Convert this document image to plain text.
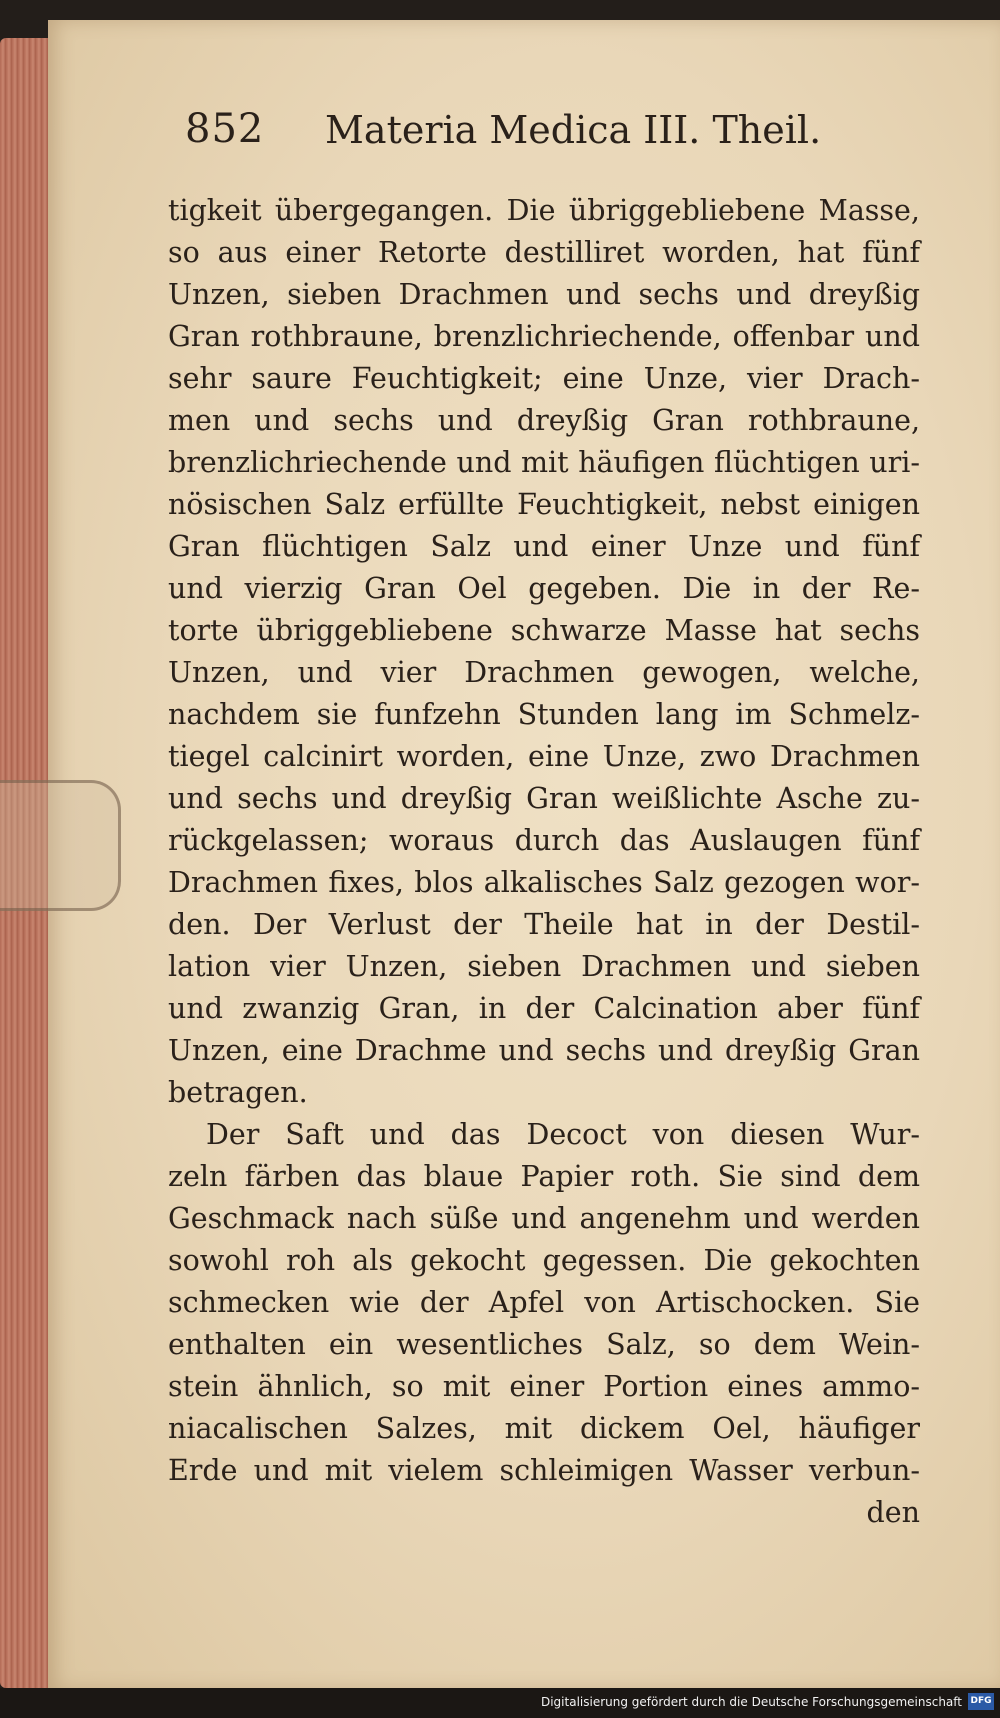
852 Materia Medica III. Theil.
tigkeit übergegangen. Die übriggebliebene Masse,
so aus einer Retorte destilliret worden, hat fünf
Unzen, sieben Drachmen und sechs und dreyßig
Gran rothbraune, brenzlichriechende, offenbar und
sehr saure Feuchtigkeit; eine Unze, vier Drach-
men und sechs und dreyßig Gran rothbraune,
brenzlichriechende und mit häufigen flüchtigen uri-
nösischen Salz erfüllte Feuchtigkeit, nebst einigen
Gran flüchtigen Salz und einer Unze und fünf
und vierzig Gran Oel gegeben. Die in der Re-
torte übriggebliebene schwarze Masse hat sechs
Unzen, und vier Drachmen gewogen, welche,
nachdem sie funfzehn Stunden lang im Schmelz-
tiegel calcinirt worden, eine Unze, zwo Drachmen
und sechs und dreyßig Gran weißlichte Asche zu-
rückgelassen; woraus durch das Auslaugen fünf
Drachmen fixes, blos alkalisches Salz gezogen wor-
den. Der Verlust der Theile hat in der Destil-
lation vier Unzen, sieben Drachmen und sieben
und zwanzig Gran, in der Calcination aber fünf
Unzen, eine Drachme und sechs und dreyßig Gran
betragen.
Der Saft und das Decoct von diesen Wur-
zeln färben das blaue Papier roth. Sie sind dem
Geschmack nach süße und angenehm und werden
sowohl roh als gekocht gegessen. Die gekochten
schmecken wie der Apfel von Artischocken. Sie
enthalten ein wesentliches Salz, so dem Wein-
stein ähnlich, so mit einer Portion eines ammo-
niacalischen Salzes, mit dickem Oel, häufiger
Erde und mit vielem schleimigen Wasser verbun-
den
Digitalisierung gefördert durch die Deutsche Forschungsgemeinschaft DFG
